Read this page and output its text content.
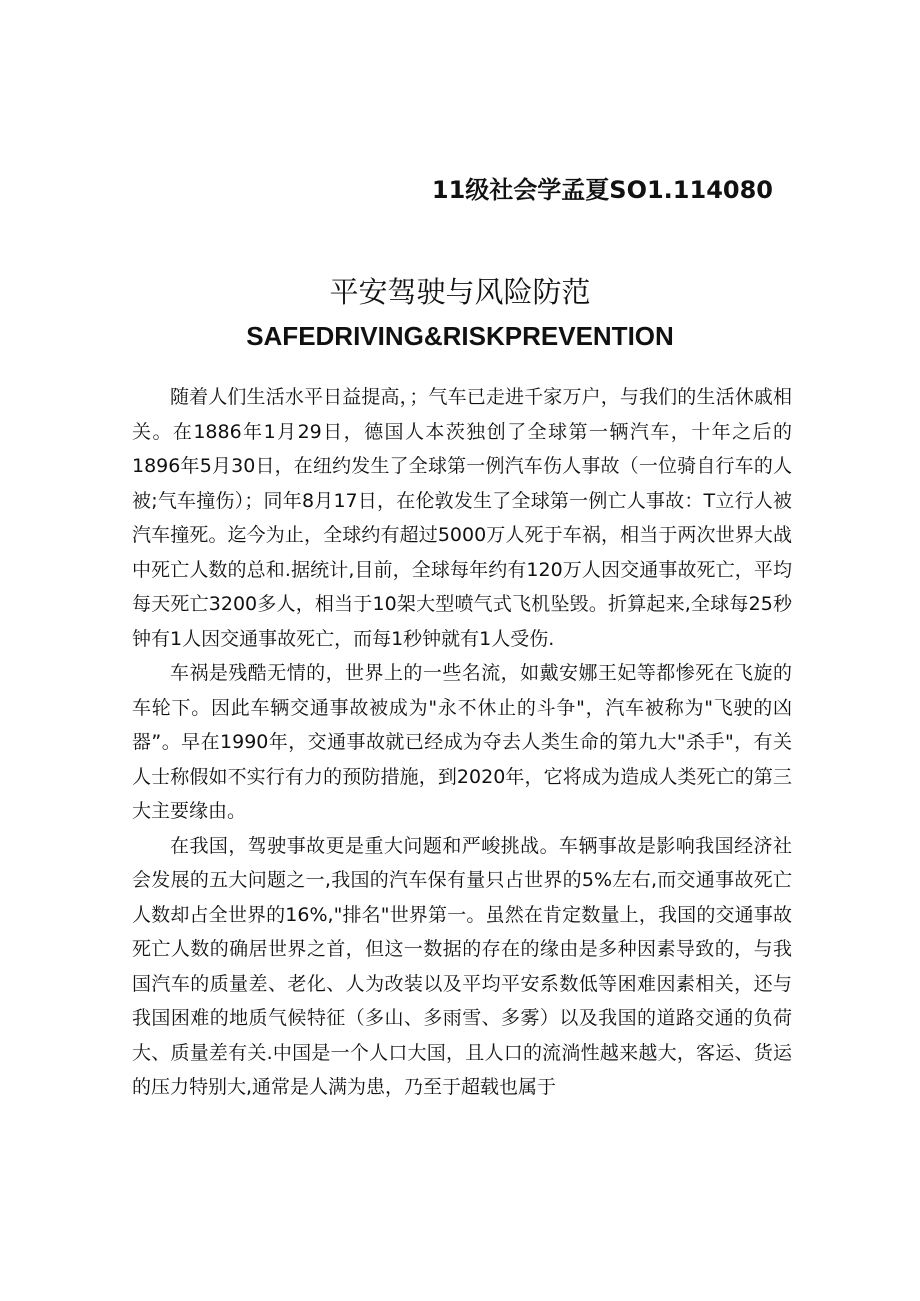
11级社会学孟夏SO1.114080
平安驾驶与风险防范
SAFEDRIVING&RISKPREVENTION

随着人们生活水平日益提高，；气车已走进千家万户，与我们的生活休戚相关。在1886年1月29日，德国人本茨独创了全球第一辆汽车，十年之后的1896年5月30日，在纽约发生了全球第一例汽车伤人事故（一位骑自行车的人被;气车撞伤）；同年8月17日，在伦敦发生了全球第一例亡人事故：T立行人被汽车撞死。迄今为止，全球约有超过5000万人死于车祸，相当于两次世界大战中死亡人数的总和.据统计,目前，全球每年约有120万人因交通事故死亡，平均每天死亡3200多人，相当于10架大型喷气式飞机坠毁。折算起来,全球每25秒钟有1人因交通事故死亡，而每1秒钟就有1人受伤.

车祸是残酷无情的，世界上的一些名流，如戴安娜王妃等都惨死在飞旋的车轮下。因此车辆交通事故被成为"永不休止的斗争"，汽车被称为"飞驶的凶器”。早在1990年，交通事故就已经成为夺去人类生命的第九大"杀手"，有关人士称假如不实行有力的预防措施，到2020年，它将成为造成人类死亡的第三大主要缘由。

在我国，驾驶事故更是重大问题和严峻挑战。车辆事故是影响我国经济社会发展的五大问题之一,我国的汽车保有量只占世界的5%左右,而交通事故死亡人数却占全世界的16%,"排名"世界第一。虽然在肯定数量上，我国的交通事故死亡人数的确居世界之首，但这一数据的存在的缘由是多种因素导致的，与我国汽车的质量差、老化、人为改装以及平均平安系数低等困难因素相关，还与我国困难的地质气候特征（多山、多雨雪、多雾）以及我国的道路交通的负荷大、质量差有关.中国是一个人口大国，且人口的流淌性越来越大，客运、货运的压力特别大,通常是人满为患，乃至于超载也属于
